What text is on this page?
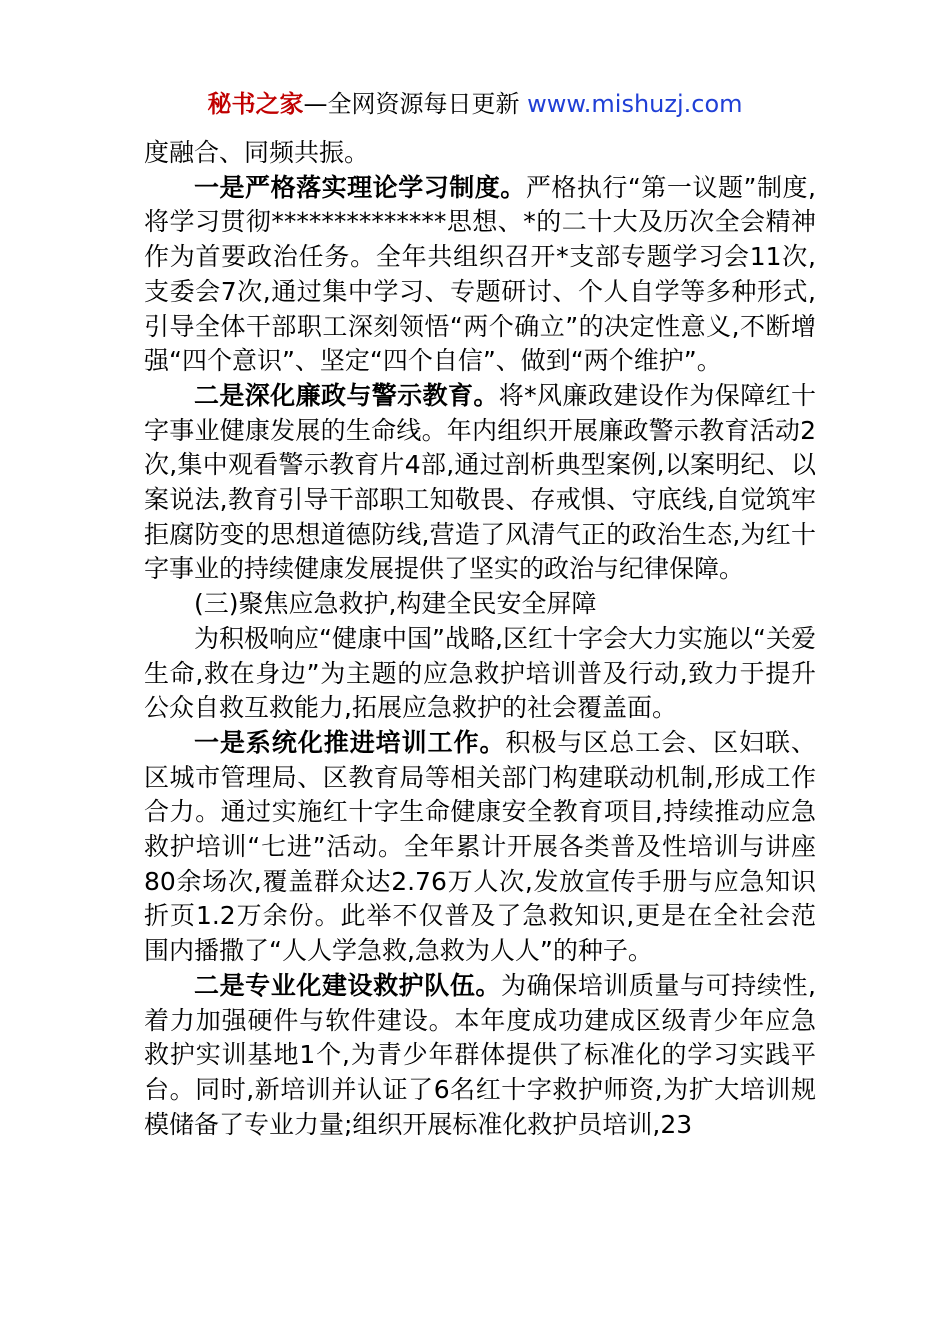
秘书之家—全网资源每日更新 www.mishuzj.com

度融合、同频共振。

一是严格落实理论学习制度。严格执行“第一议题”制度,将学习贯彻**************思想、*的二十大及历次全会精神作为首要政治任务。全年共组织召开*支部专题学习会11次,支委会7次,通过集中学习、专题研讨、个人自学等多种形式,引导全体干部职工深刻领悟“两个确立”的决定性意义,不断增强“四个意识”、坚定“四个自信”、做到“两个维护”。

二是深化廉政与警示教育。将*风廉政建设作为保障红十字事业健康发展的生命线。年内组织开展廉政警示教育活动2次,集中观看警示教育片4部,通过剖析典型案例,以案明纪、以案说法,教育引导干部职工知敬畏、存戒惧、守底线,自觉筑牢拒腐防变的思想道德防线,营造了风清气正的政治生态,为红十字事业的持续健康发展提供了坚实的政治与纪律保障。

(三)聚焦应急救护,构建全民安全屏障

为积极响应“健康中国”战略,区红十字会大力实施以“关爱生命,救在身边”为主题的应急救护培训普及行动,致力于提升公众自救互救能力,拓展应急救护的社会覆盖面。

一是系统化推进培训工作。积极与区总工会、区妇联、区城市管理局、区教育局等相关部门构建联动机制,形成工作合力。通过实施红十字生命健康安全教育项目,持续推动应急救护培训“七进”活动。全年累计开展各类普及性培训与讲座80余场次,覆盖群众达2.76万人次,发放宣传手册与应急知识折页1.2万余份。此举不仅普及了急救知识,更是在全社会范围内播撒了“人人学急救,急救为人人”的种子。

二是专业化建设救护队伍。为确保培训质量与可持续性,着力加强硬件与软件建设。本年度成功建成区级青少年应急救护实训基地1个,为青少年群体提供了标准化的学习实践平台。同时,新培训并认证了6名红十字救护师资,为扩大培训规模储备了专业力量;组织开展标准化救护员培训,23
